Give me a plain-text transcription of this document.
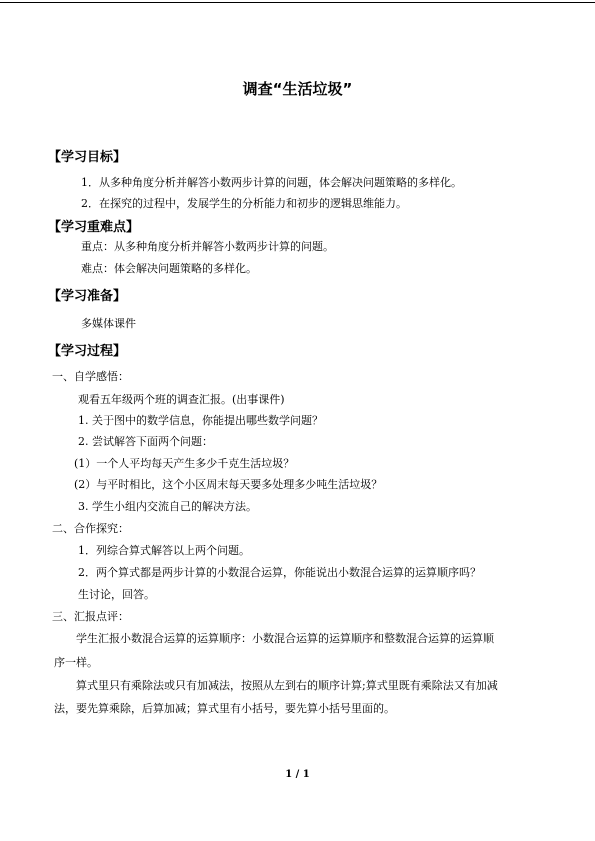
调查“生活垃圾”
【学习目标】
1．从多种角度分析并解答小数两步计算的问题，体会解决问题策略的多样化。
2．在探究的过程中，发展学生的分析能力和初步的逻辑思维能力。
【学习重难点】
重点：从多种角度分析并解答小数两步计算的问题。
难点：体会解决问题策略的多样化。
【学习准备】
多媒体课件
【学习过程】
一、自学感悟：
观看五年级两个班的调查汇报。(出事课件)
1. 关于图中的数学信息，你能提出哪些数学问题？
2. 尝试解答下面两个问题：
(1）一个人平均每天产生多少千克生活垃圾？
(2）与平时相比，这个小区周末每天要多处理多少吨生活垃圾？
3. 学生小组内交流自己的解决方法。
二、合作探究：
1．列综合算式解答以上两个问题。
2．两个算式都是两步计算的小数混合运算，你能说出小数混合运算的运算顺序吗？
生讨论，回答。
三、汇报点评：
学生汇报小数混合运算的运算顺序：小数混合运算的运算顺序和整数混合运算的运算顺
序一样。
算式里只有乘除法或只有加减法，按照从左到右的顺序计算;算式里既有乘除法又有加减
法，要先算乘除，后算加减；算式里有小括号，要先算小括号里面的。
1 / 1
